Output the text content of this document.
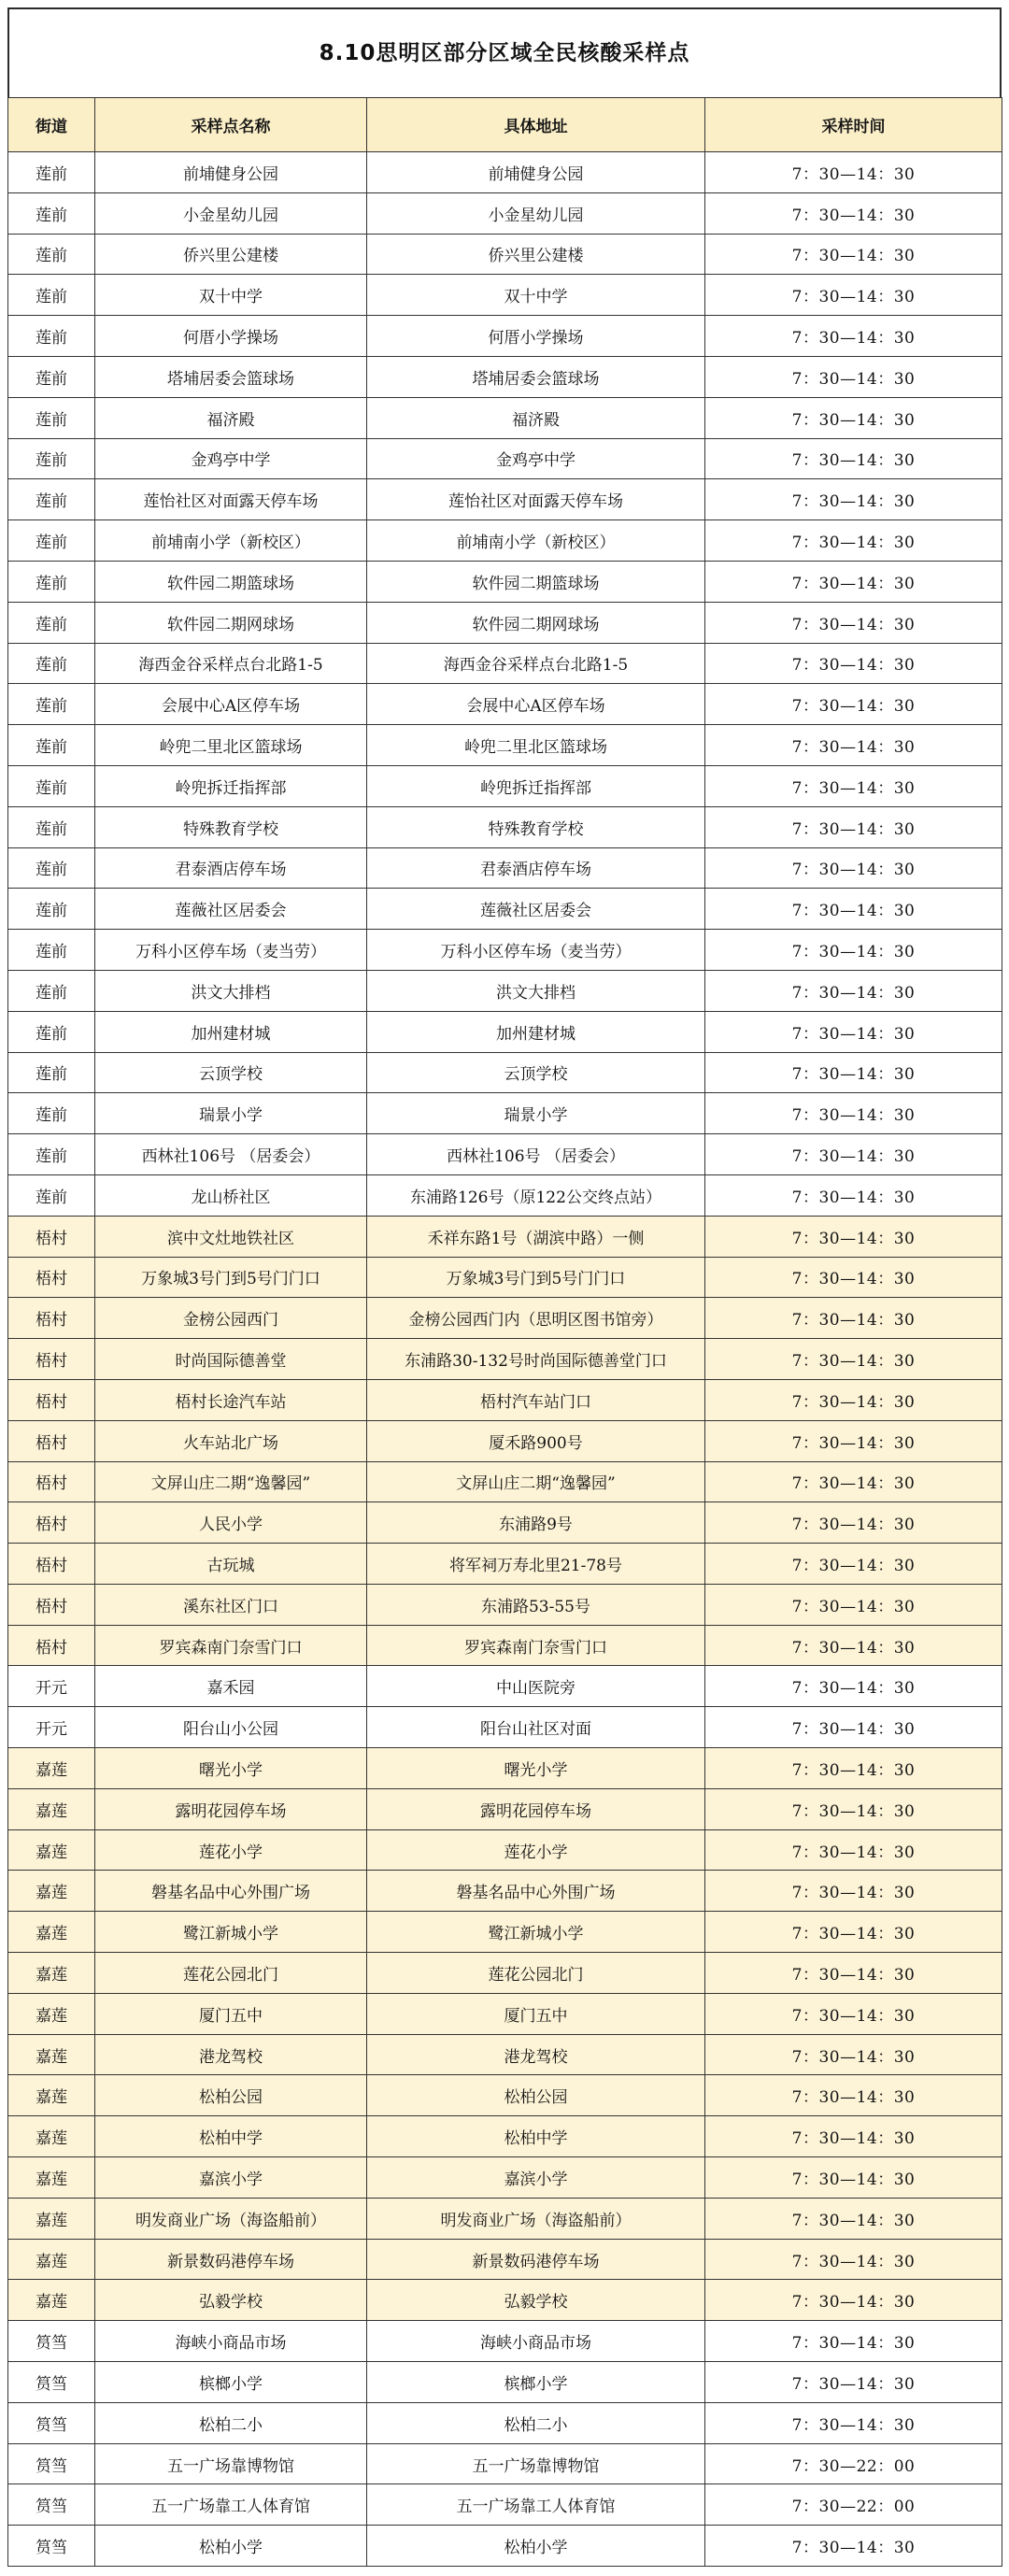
8.10思明区部分区域全民核酸采样点
街道	采样点名称	具体地址	采样时间
莲前	前埔健身公园	前埔健身公园	7：30—14：30
莲前	小金星幼儿园	小金星幼儿园	7：30—14：30
莲前	侨兴里公建楼	侨兴里公建楼	7：30—14：30
莲前	双十中学	双十中学	7：30—14：30
莲前	何厝小学操场	何厝小学操场	7：30—14：30
莲前	塔埔居委会篮球场	塔埔居委会篮球场	7：30—14：30
莲前	福济殿	福济殿	7：30—14：30
莲前	金鸡亭中学	金鸡亭中学	7：30—14：30
莲前	莲怡社区对面露天停车场	莲怡社区对面露天停车场	7：30—14：30
莲前	前埔南小学（新校区）	前埔南小学（新校区）	7：30—14：30
莲前	软件园二期篮球场	软件园二期篮球场	7：30—14：30
莲前	软件园二期网球场	软件园二期网球场	7：30—14：30
莲前	海西金谷采样点台北路1-5	海西金谷采样点台北路1-5	7：30—14：30
莲前	会展中心A区停车场	会展中心A区停车场	7：30—14：30
莲前	岭兜二里北区篮球场	岭兜二里北区篮球场	7：30—14：30
莲前	岭兜拆迁指挥部	岭兜拆迁指挥部	7：30—14：30
莲前	特殊教育学校	特殊教育学校	7：30—14：30
莲前	君泰酒店停车场	君泰酒店停车场	7：30—14：30
莲前	莲薇社区居委会	莲薇社区居委会	7：30—14：30
莲前	万科小区停车场（麦当劳）	万科小区停车场（麦当劳）	7：30—14：30
莲前	洪文大排档	洪文大排档	7：30—14：30
莲前	加州建材城	加州建材城	7：30—14：30
莲前	云顶学校	云顶学校	7：30—14：30
莲前	瑞景小学	瑞景小学	7：30—14：30
莲前	西林社106号 （居委会）	西林社106号 （居委会）	7：30—14：30
莲前	龙山桥社区	东浦路126号（原122公交终点站）	7：30—14：30
梧村	滨中文灶地铁社区	禾祥东路1号（湖滨中路）一侧	7：30—14：30
梧村	万象城3号门到5号门门口	万象城3号门到5号门门口	7：30—14：30
梧村	金榜公园西门	金榜公园西门内（思明区图书馆旁）	7：30—14：30
梧村	时尚国际德善堂	东浦路30-132号时尚国际德善堂门口	7：30—14：30
梧村	梧村长途汽车站	梧村汽车站门口	7：30—14：30
梧村	火车站北广场	厦禾路900号	7：30—14：30
梧村	文屏山庄二期“逸馨园”	文屏山庄二期“逸馨园”	7：30—14：30
梧村	人民小学	东浦路9号	7：30—14：30
梧村	古玩城	将军祠万寿北里21-78号	7：30—14：30
梧村	溪东社区门口	东浦路53-55号	7：30—14：30
梧村	罗宾森南门奈雪门口	罗宾森南门奈雪门口	7：30—14：30
开元	嘉禾园	中山医院旁	7：30—14：30
开元	阳台山小公园	阳台山社区对面	7：30—14：30
嘉莲	曙光小学	曙光小学	7：30—14：30
嘉莲	露明花园停车场	露明花园停车场	7：30—14：30
嘉莲	莲花小学	莲花小学	7：30—14：30
嘉莲	磐基名品中心外围广场	磐基名品中心外围广场	7：30—14：30
嘉莲	鹭江新城小学	鹭江新城小学	7：30—14：30
嘉莲	莲花公园北门	莲花公园北门	7：30—14：30
嘉莲	厦门五中	厦门五中	7：30—14：30
嘉莲	港龙驾校	港龙驾校	7：30—14：30
嘉莲	松柏公园	松柏公园	7：30—14：30
嘉莲	松柏中学	松柏中学	7：30—14：30
嘉莲	嘉滨小学	嘉滨小学	7：30—14：30
嘉莲	明发商业广场（海盗船前）	明发商业广场（海盗船前）	7：30—14：30
嘉莲	新景数码港停车场	新景数码港停车场	7：30—14：30
嘉莲	弘毅学校	弘毅学校	7：30—14：30
筼筜	海峡小商品市场	海峡小商品市场	7：30—14：30
筼筜	槟榔小学	槟榔小学	7：30—14：30
筼筜	松柏二小	松柏二小	7：30—14：30
筼筜	五一广场靠博物馆	五一广场靠博物馆	7：30—22：00
筼筜	五一广场靠工人体育馆	五一广场靠工人体育馆	7：30—22：00
筼筜	松柏小学	松柏小学	7：30—14：30
